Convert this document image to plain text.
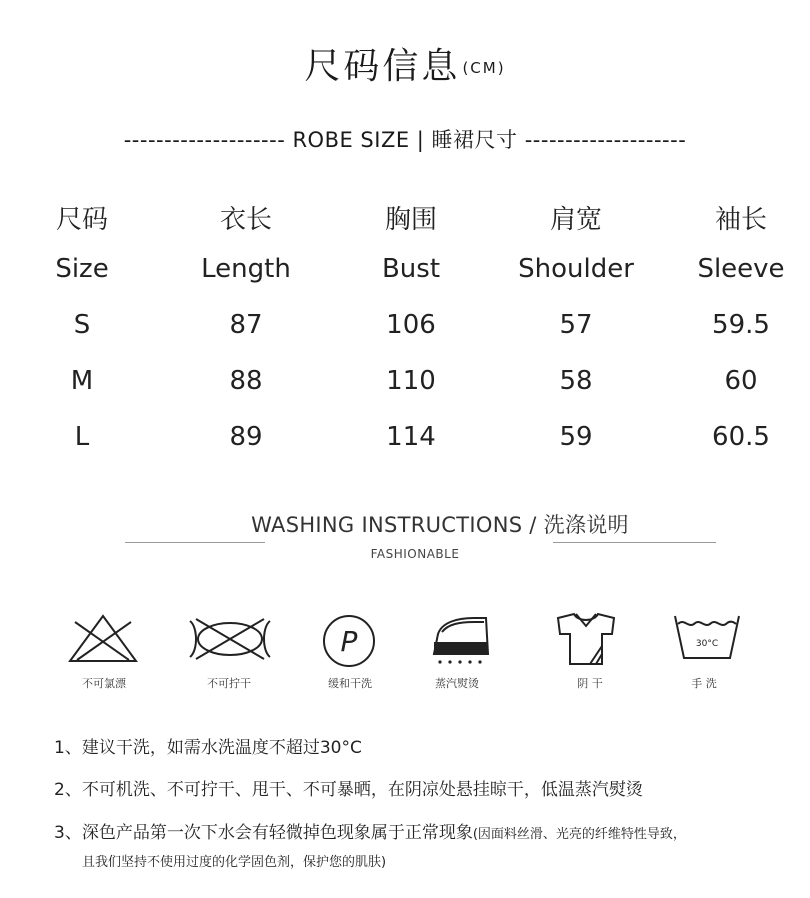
尺码信息 (CM)
-------------------- ROBE SIZE | 睡裙尺寸 --------------------
尺码	衣长	胸围	肩宽	袖长
Size	Length	Bust	Shoulder	Sleeve
S	87	106	57	59.5
M	88	110	58	60
L	89	114	59	60.5
WASHING INSTRUCTIONS / 洗涤说明
FASHIONABLE
不可氯漂	不可拧干
P
缓和干洗	蒸汽熨烫	阴 干
30°C
手 洗
1、建议干洗，如需水洗温度不超过30°C
2、不可机洗、不可拧干、甩干、不可暴晒，在阴凉处悬挂晾干，低温蒸汽熨烫
3、深色产品第一次下水会有轻微掉色现象属于正常现象(因面料丝滑、光亮的纤维特性导致，
且我们坚持不使用过度的化学固色剂，保护您的肌肤)
